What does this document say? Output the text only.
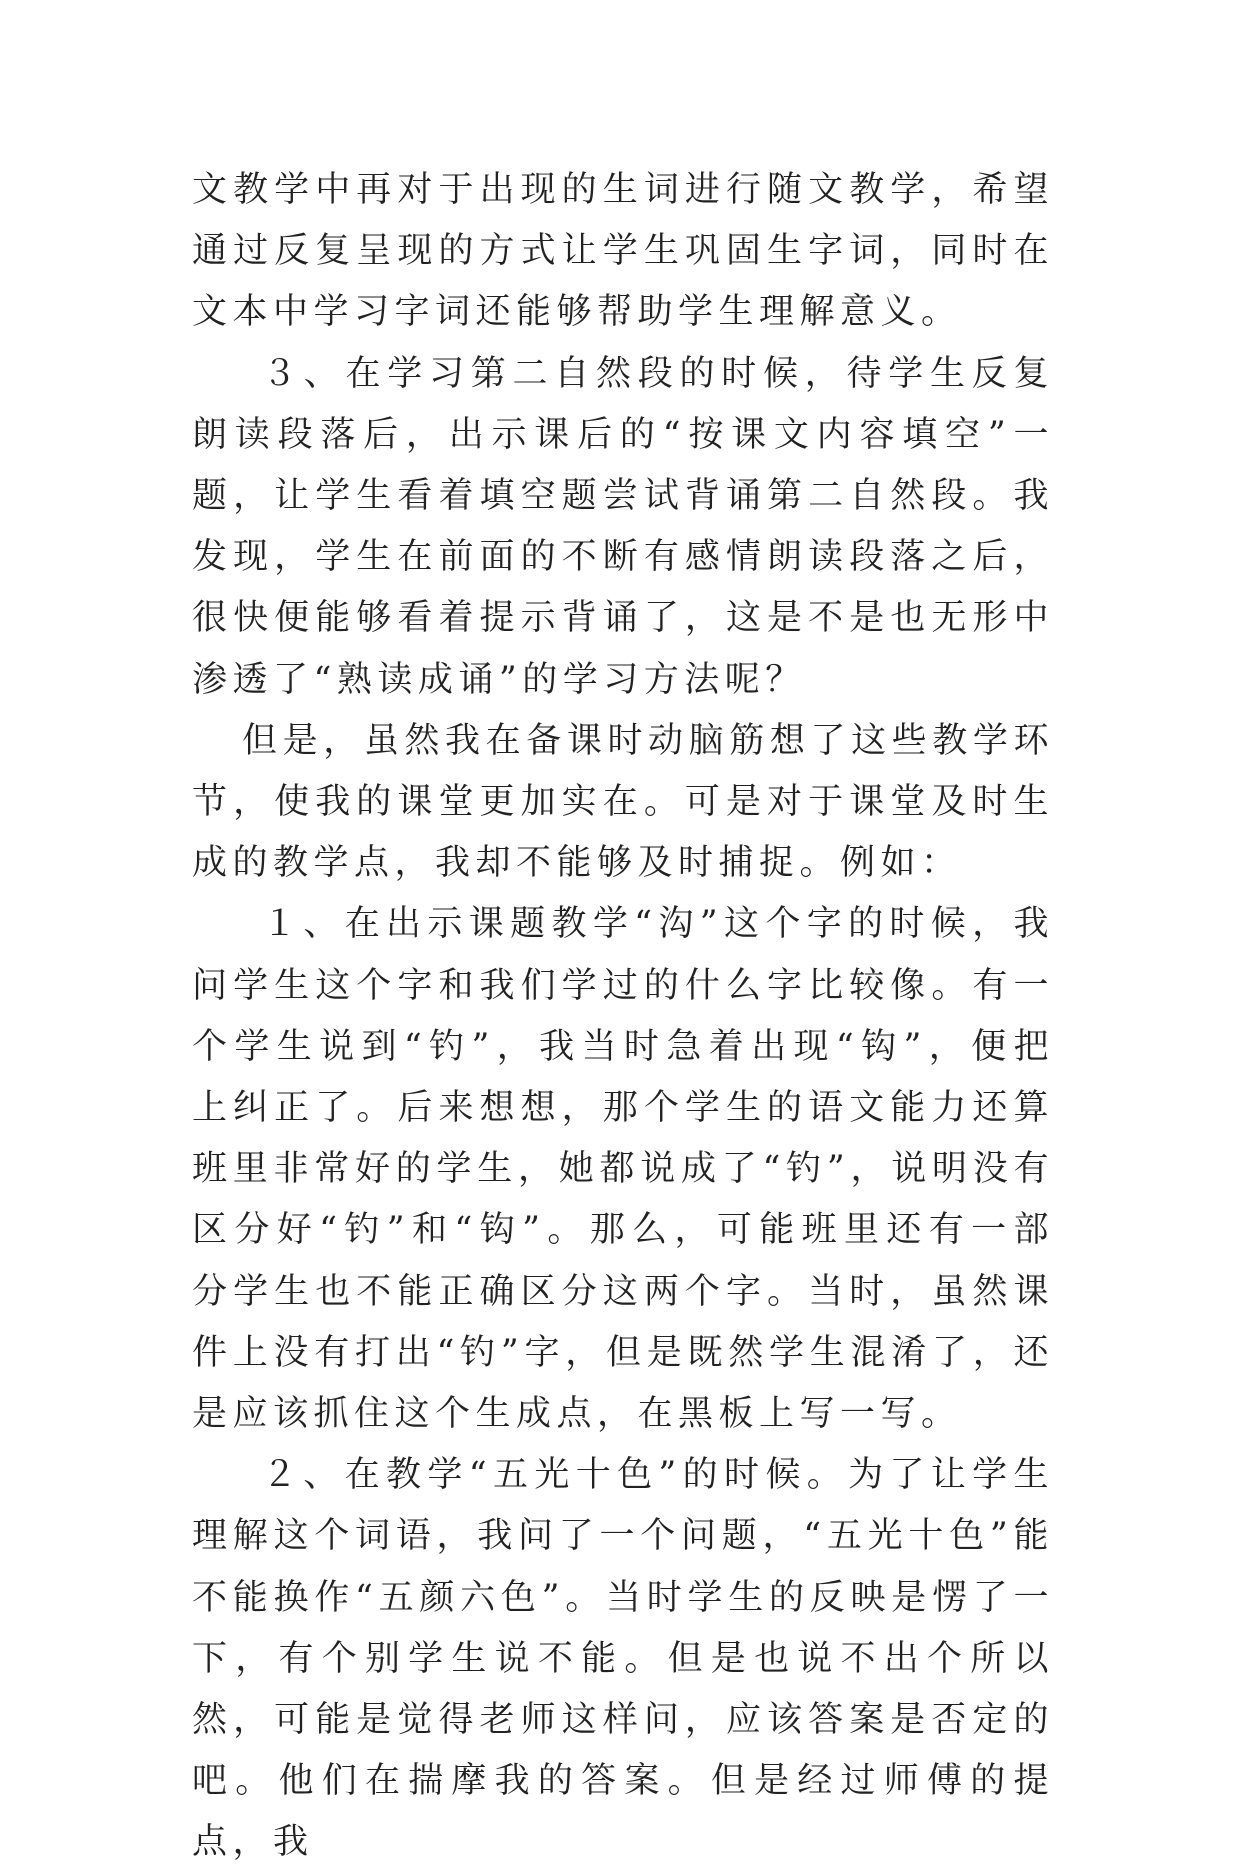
文教学中再对于出现的生词进行随文教学，希望通过反复呈现的方式让学生巩固生字词，同时在文本中学习字词还能够帮助学生理解意义。

３、在学习第二自然段的时候，待学生反复朗读段落后，出示课后的“按课文内容填空”一题，让学生看着填空题尝试背诵第二自然段。我发现，学生在前面的不断有感情朗读段落之后，很快便能够看着提示背诵了，这是不是也无形中渗透了“熟读成诵”的学习方法呢？

但是，虽然我在备课时动脑筋想了这些教学环节，使我的课堂更加实在。可是对于课堂及时生成的教学点，我却不能够及时捕捉。例如：

１、在出示课题教学“沟”这个字的时候，我问学生这个字和我们学过的什么字比较像。有一个学生说到“钓”，我当时急着出现“钩”，便把上纠正了。后来想想，那个学生的语文能力还算班里非常好的学生，她都说成了“钓”，说明没有区分好“钓”和“钩”。那么，可能班里还有一部分学生也不能正确区分这两个字。当时，虽然课件上没有打出“钓”字，但是既然学生混淆了，还是应该抓住这个生成点，在黑板上写一写。

２、在教学“五光十色”的时候。为了让学生理解这个词语，我问了一个问题，“五光十色”能不能换作“五颜六色”。当时学生的反映是愣了一下，有个别学生说不能。但是也说不出个所以然，可能是觉得老师这样问，应该答案是否定的吧。他们在揣摩我的答案。但是经过师傅的提点，我
